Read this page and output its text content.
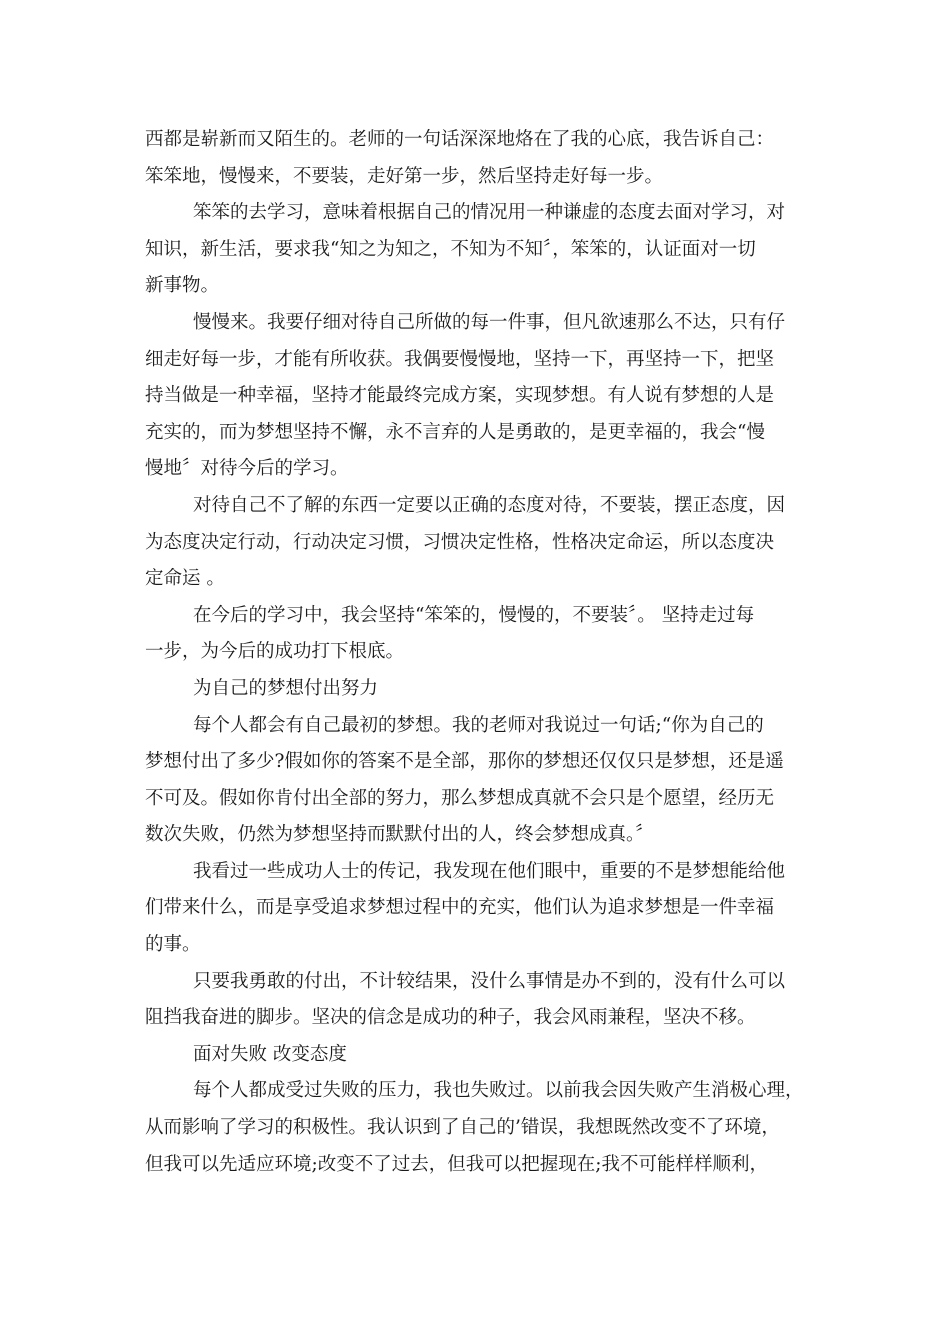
西都是崭新而又陌生的。老师的一句话深深地烙在了我的心底，我告诉自己：
笨笨地，慢慢来，不要装，走好第一步，然后坚持走好每一步。
笨笨的去学习，意味着根据自己的情况用一种谦虚的态度去面对学习，对
知识，新生活，要求我“知之为知之，不知为不知〞，笨笨的，认证面对一切
新事物。
慢慢来。我要仔细对待自己所做的每一件事，但凡欲速那么不达，只有仔
细走好每一步，才能有所收获。我偶要慢慢地，坚持一下，再坚持一下，把坚
持当做是一种幸福，坚持才能最终完成方案，实现梦想。有人说有梦想的人是
充实的，而为梦想坚持不懈，永不言弃的人是勇敢的，是更幸福的，我会“慢
慢地〞对待今后的学习。
对待自己不了解的东西一定要以正确的态度对待，不要装，摆正态度，因
为态度决定行动，行动决定习惯，习惯决定性格，性格决定命运，所以态度决
定命运 。
在今后的学习中，我会坚持“笨笨的，慢慢的，不要装〞。 坚持走过每
一步，为今后的成功打下根底。
为自己的梦想付出努力
每个人都会有自己最初的梦想。我的老师对我说过一句话;“你为自己的
梦想付出了多少?假如你的答案不是全部，那你的梦想还仅仅只是梦想，还是遥
不可及。假如你肯付出全部的努力，那么梦想成真就不会只是个愿望，经历无
数次失败，仍然为梦想坚持而默默付出的人，终会梦想成真。〞
我看过一些成功人士的传记，我发现在他们眼中，重要的不是梦想能给他
们带来什么，而是享受追求梦想过程中的充实，他们认为追求梦想是一件幸福
的事。
只要我勇敢的付出，不计较结果，没什么事情是办不到的，没有什么可以
阻挡我奋进的脚步。坚决的信念是成功的种子，我会风雨兼程，坚决不移。
面对失败 改变态度
每个人都成受过失败的压力，我也失败过。以前我会因失败产生消极心理，
从而影响了学习的积极性。我认识到了自己的’错误，我想既然改变不了环境，
但我可以先适应环境;改变不了过去，但我可以把握现在;我不可能样样顺利，
